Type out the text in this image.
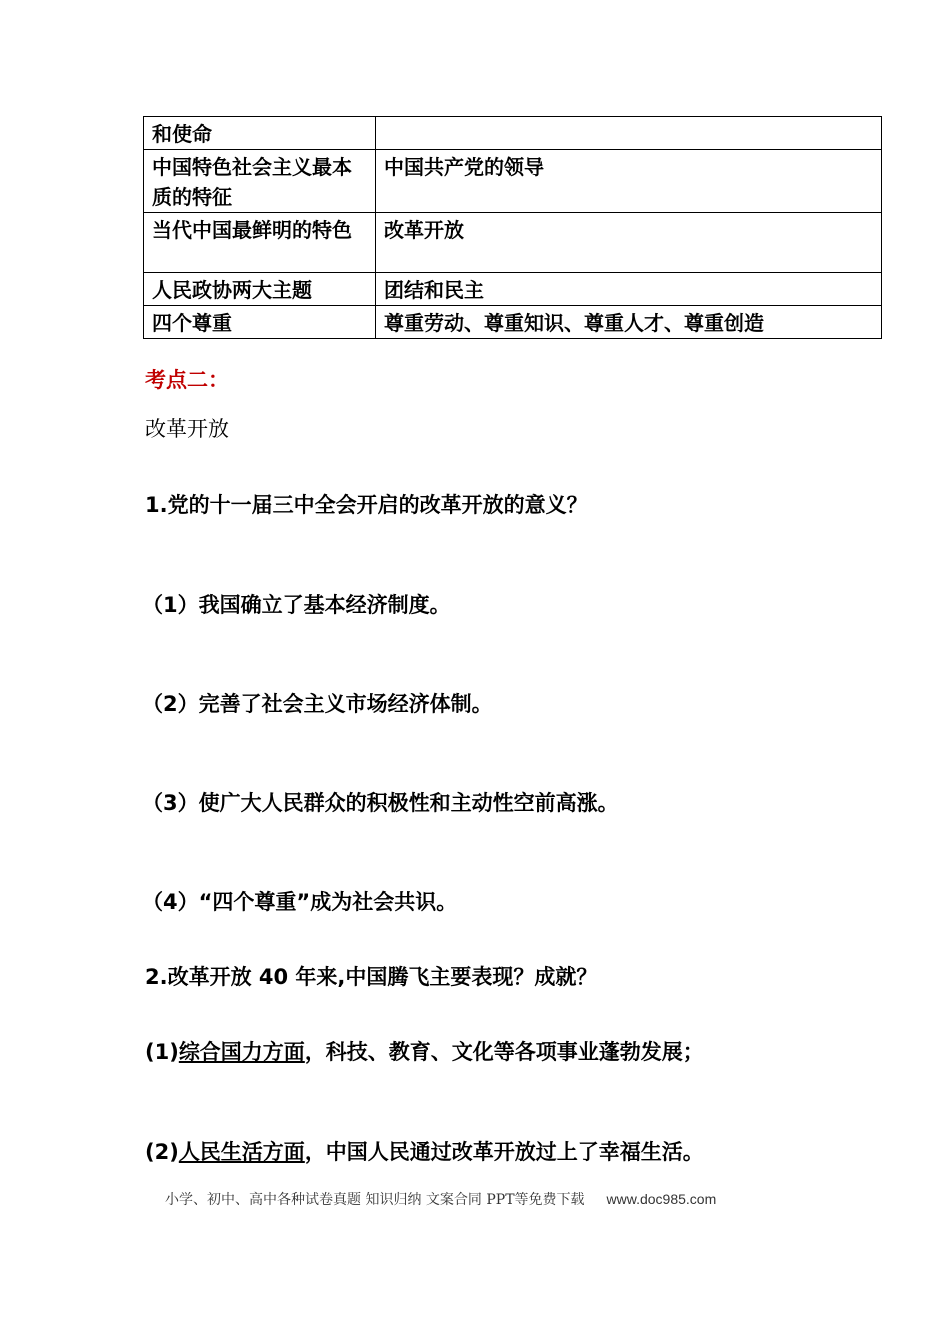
和使命	
中国特色社会主义最本质的特征	中国共产党的领导
当代中国最鲜明的特色	改革开放
人民政协两大主题	团结和民主
四个尊重	尊重劳动、尊重知识、尊重人才、尊重创造
考点二：
改革开放
1.党的十一届三中全会开启的改革开放的意义？
（1）我国确立了基本经济制度。
（2）完善了社会主义市场经济体制。
（3）使广大人民群众的积极性和主动性空前高涨。
（4）“四个尊重”成为社会共识。
2.改革开放 40 年来,中国腾飞主要表现？成就？
(1)综合国力方面，科技、教育、文化等各项事业蓬勃发展；
(2)人民生活方面，中国人民通过改革开放过上了幸福生活。
小学、初中、高中各种试卷真题 知识归纳 文案合同 PPT等免费下载 www.doc985.com
